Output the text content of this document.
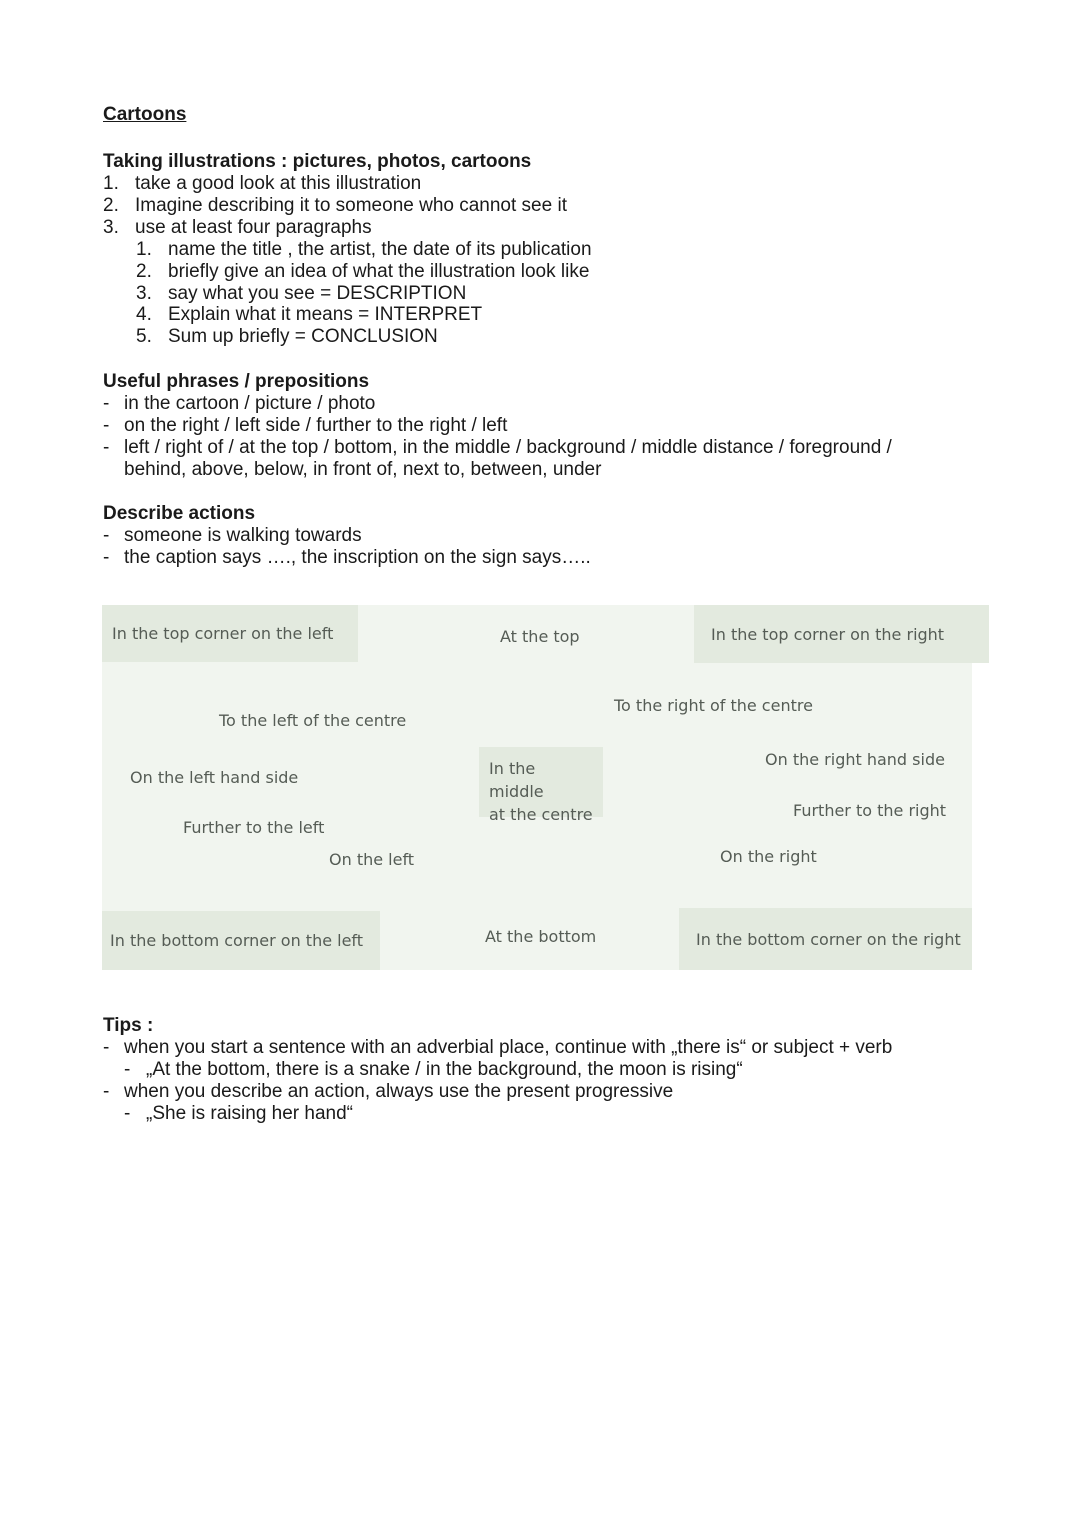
Cartoons
Taking illustrations : pictures, photos, cartoons
1. take a good look at this illustration
2. Imagine describing it to someone who cannot see it
3. use at least four paragraphs
1. name the title , the artist, the date of its publication
2. briefly give an idea of what the illustration look like
3. say what you see = DESCRIPTION
4. Explain what it means = INTERPRET
5. Sum up briefly = CONCLUSION
Useful phrases / prepositions
- in the cartoon / picture / photo
- on the right / left side / further to the right / left
- left / right of / at the top / bottom, in the middle / background / middle distance / foreground /
behind, above, below, in front of, next to, between, under
Describe actions
- someone is walking towards
- the caption says …., the inscription on the sign says…..
In the top corner on the left	At the top	In the top corner on the right
To the left of the centre
To the right of the centre
On the left hand side	In the middle
at the centre
On the right hand side
Further to the right
Further to the left
On the left	On the right
In the bottom corner on the left	At the bottom	In the bottom corner on the right
Tips :
- when you start a sentence with an adverbial place, continue with „there is“ or subject + verb
- „At the bottom, there is a snake / in the background, the moon is rising“
- when you describe an action, always use the present progressive
- „She is raising her hand“
